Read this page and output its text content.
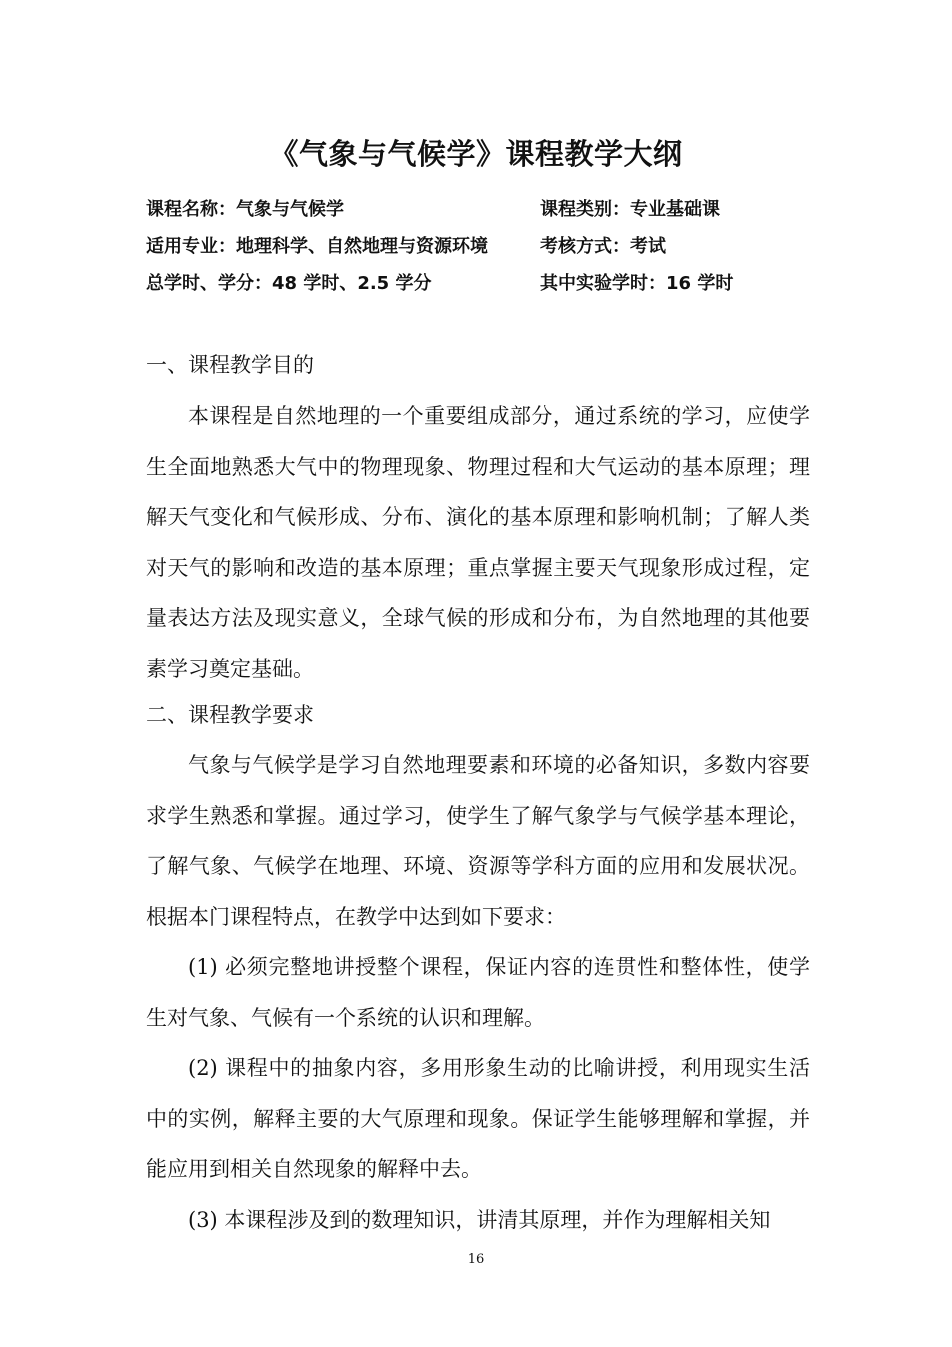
《气象与气候学》课程教学大纲
课程名称：气象与气候学	课程类别：专业基础课
适用专业：地理科学、自然地理与资源环境	考核方式：考试
总学时、学分：48 学时、2.5 学分	其中实验学时：16 学时
一、课程教学目的

本课程是自然地理的一个重要组成部分，通过系统的学习，应使学生全面地熟悉大气中的物理现象、物理过程和大气运动的基本原理；理解天气变化和气候形成、分布、演化的基本原理和影响机制；了解人类对天气的影响和改造的基本原理；重点掌握主要天气现象形成过程，定量表达方法及现实意义，全球气候的形成和分布，为自然地理的其他要素学习奠定基础。

二、课程教学要求

气象与气候学是学习自然地理要素和环境的必备知识，多数内容要求学生熟悉和掌握。通过学习，使学生了解气象学与气候学基本理论，了解气象、气候学在地理、环境、资源等学科方面的应用和发展状况。根据本门课程特点，在教学中达到如下要求：

(1) 必须完整地讲授整个课程，保证内容的连贯性和整体性，使学生对气象、气候有一个系统的认识和理解。

(2) 课程中的抽象内容，多用形象生动的比喻讲授，利用现实生活中的实例，解释主要的大气原理和现象。保证学生能够理解和掌握，并能应用到相关自然现象的解释中去。

(3) 本课程涉及到的数理知识，讲清其原理，并作为理解相关知

16
